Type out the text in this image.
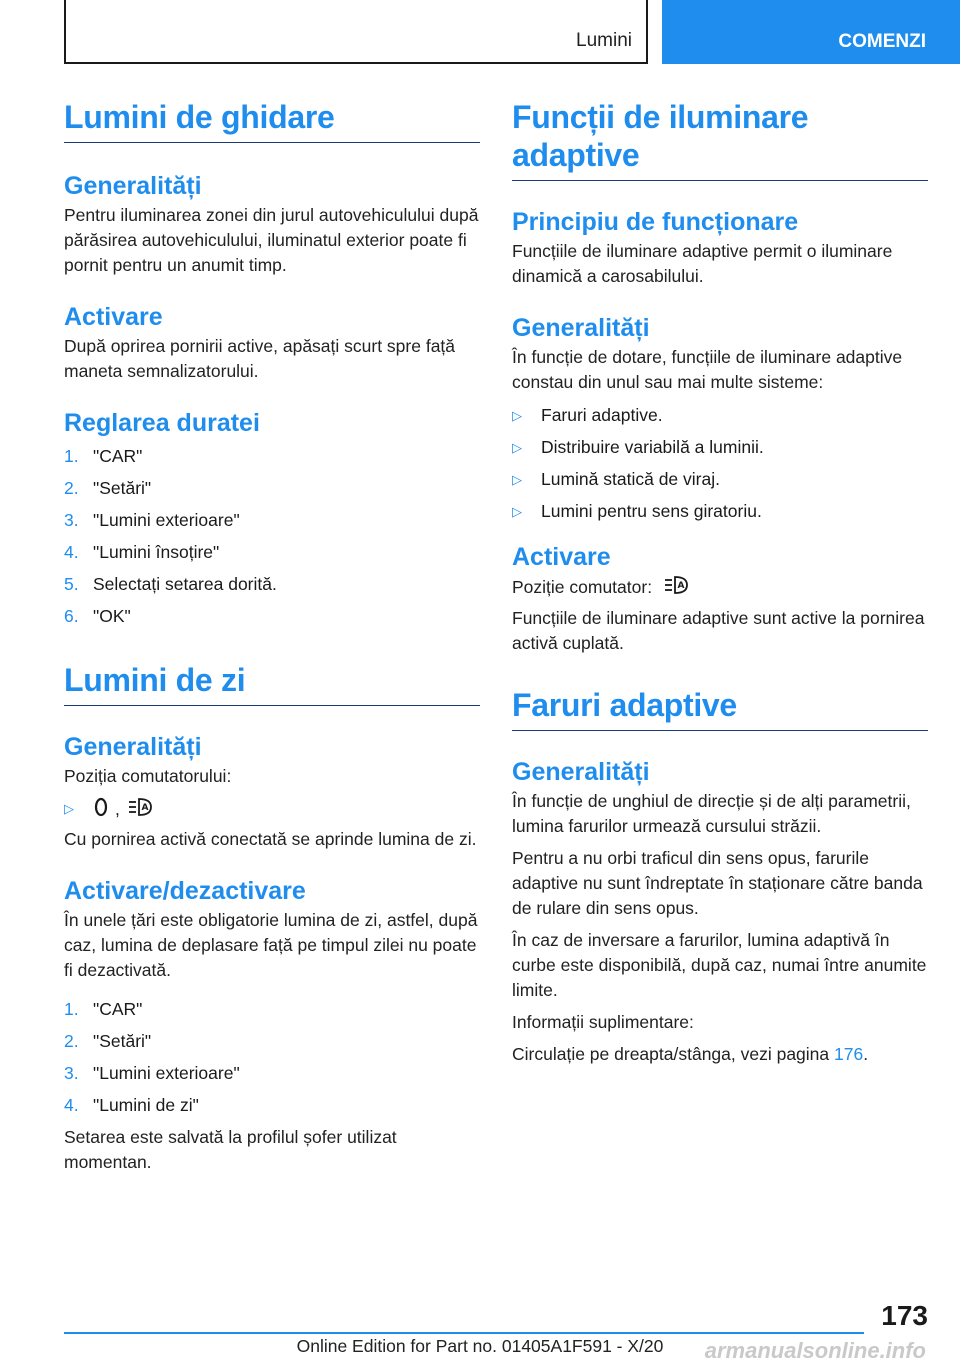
Lumini	COMENZI
Lumini de ghidare
Generalități

Pentru iluminarea zonei din jurul autovehiculului după părăsirea autovehiculului, iluminatul exterior poate fi pornit pentru un anumit timp.

Activare

După oprirea pornirii active, apăsați scurt spre față maneta semnalizatorului.

Reglarea duratei
1. "CAR"
2. "Setări"
3. "Lumini exterioare"
4. "Lumini însoțire"
5. Selectați setarea dorită.
6. "OK"
Lumini de zi
Generalități

Poziția comutatorului:

▷	, A

Cu pornirea activă conectată se aprinde lumina de zi.

Activare/dezactivare

În unele țări este obligatorie lumina de zi, astfel, după caz, lumina de deplasare față pe timpul zilei nu poate fi dezactivată.

1. "CAR"
2. "Setări"
3. "Lumini exterioare"
4. "Lumini de zi"

Setarea este salvată la profilul șofer utilizat momentan.

Funcții de iluminare adaptive
Principiu de funcționare

Funcțiile de iluminare adaptive permit o iluminare dinamică a carosabilului.

Generalități

În funcție de dotare, funcțiile de iluminare adaptive constau din unul sau mai multe sisteme:

▷	Faruri adaptive.
▷	Distribuire variabilă a luminii.
▷	Lumină statică de viraj.
▷	Lumini pentru sens giratoriu.
Activare
Poziție comutator:	A

Funcțiile de iluminare adaptive sunt active la pornirea activă cuplată.

Faruri adaptive
Generalități

În funcție de unghiul de direcție și de alți parametrii, lumina farurilor urmează cursului străzii.

Pentru a nu orbi traficul din sens opus, farurile adaptive nu sunt îndreptate în staționare către banda de rulare din sens opus.

În caz de inversare a farurilor, lumina adaptivă în curbe este disponibilă, după caz, numai între anumite limite.

Informații suplimentare:

Circulație pe dreapta/stânga, vezi pagina 176.

173
Online Edition for Part no. 01405A1F591 - X/20	armanualsonline.info
